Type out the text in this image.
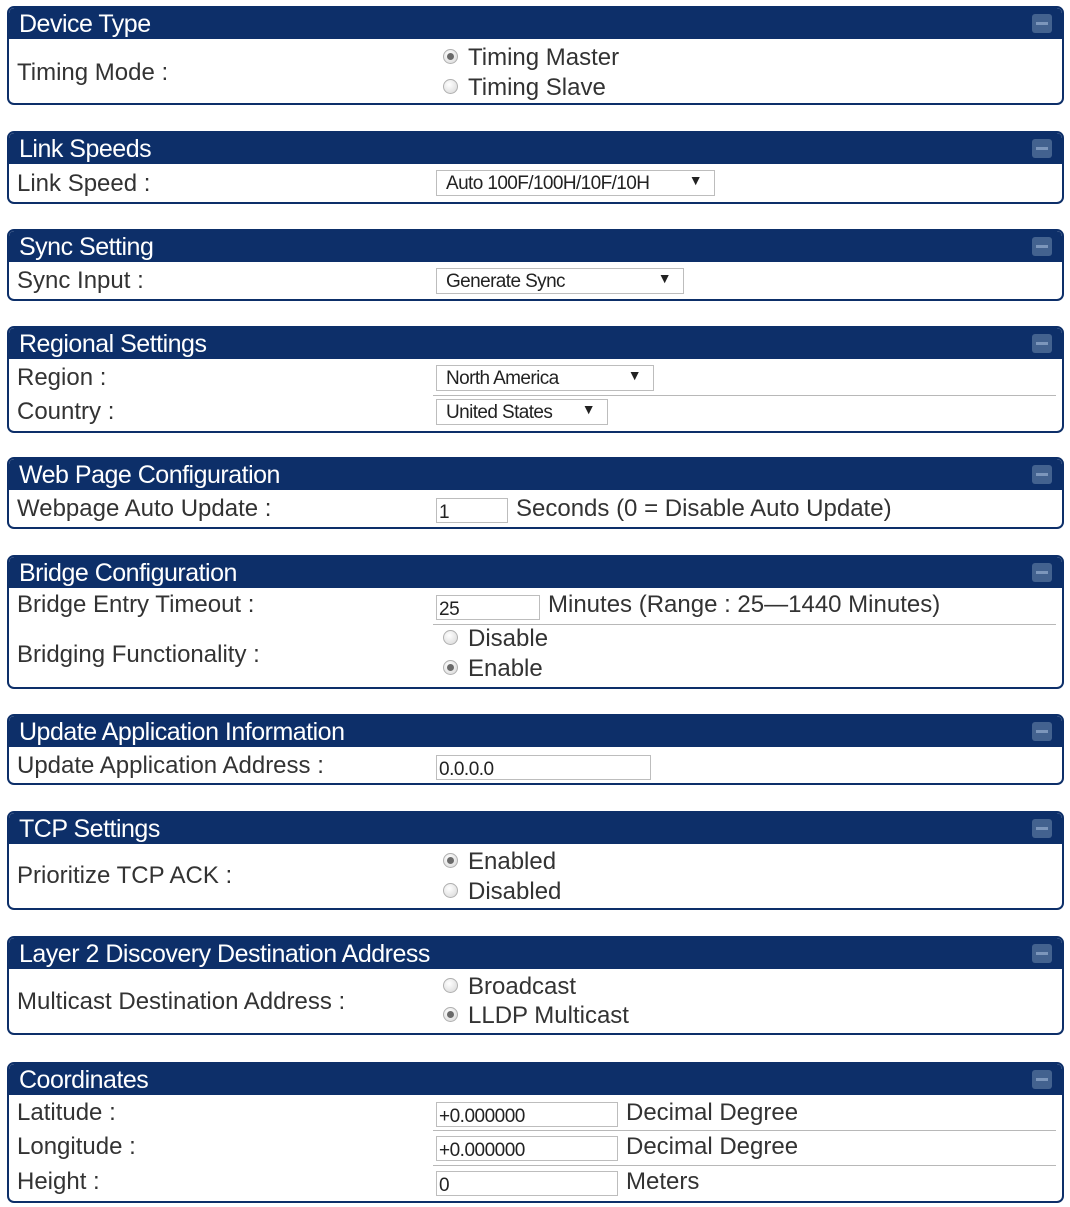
Device Type
Timing Mode :
Timing Master
Timing Slave
Link Speeds
Link Speed :	Auto 100F/100H/10F/10H	▼
Sync Setting
Sync Input :	Generate Sync	▼
Regional Settings
Region :	North America	▼
Country :	United States ▼
Web Page Configuration
Webpage Auto Update :	1	Seconds (0 = Disable Auto Update)
Bridge Configuration
Bridge Entry Timeout :	25	Minutes (Range : 25—1440 Minutes)
Bridging Functionality :
Disable
Enable
Update Application Information
Update Application Address :	0.0.0.0
TCP Settings
Prioritize TCP ACK :
Enabled
Disabled
Layer 2 Discovery Destination Address
Multicast Destination Address :
Broadcast
LLDP Multicast
Coordinates
Latitude :	+0.000000	Decimal Degree
Longitude :	+0.000000	Decimal Degree
Height :	0	Meters
